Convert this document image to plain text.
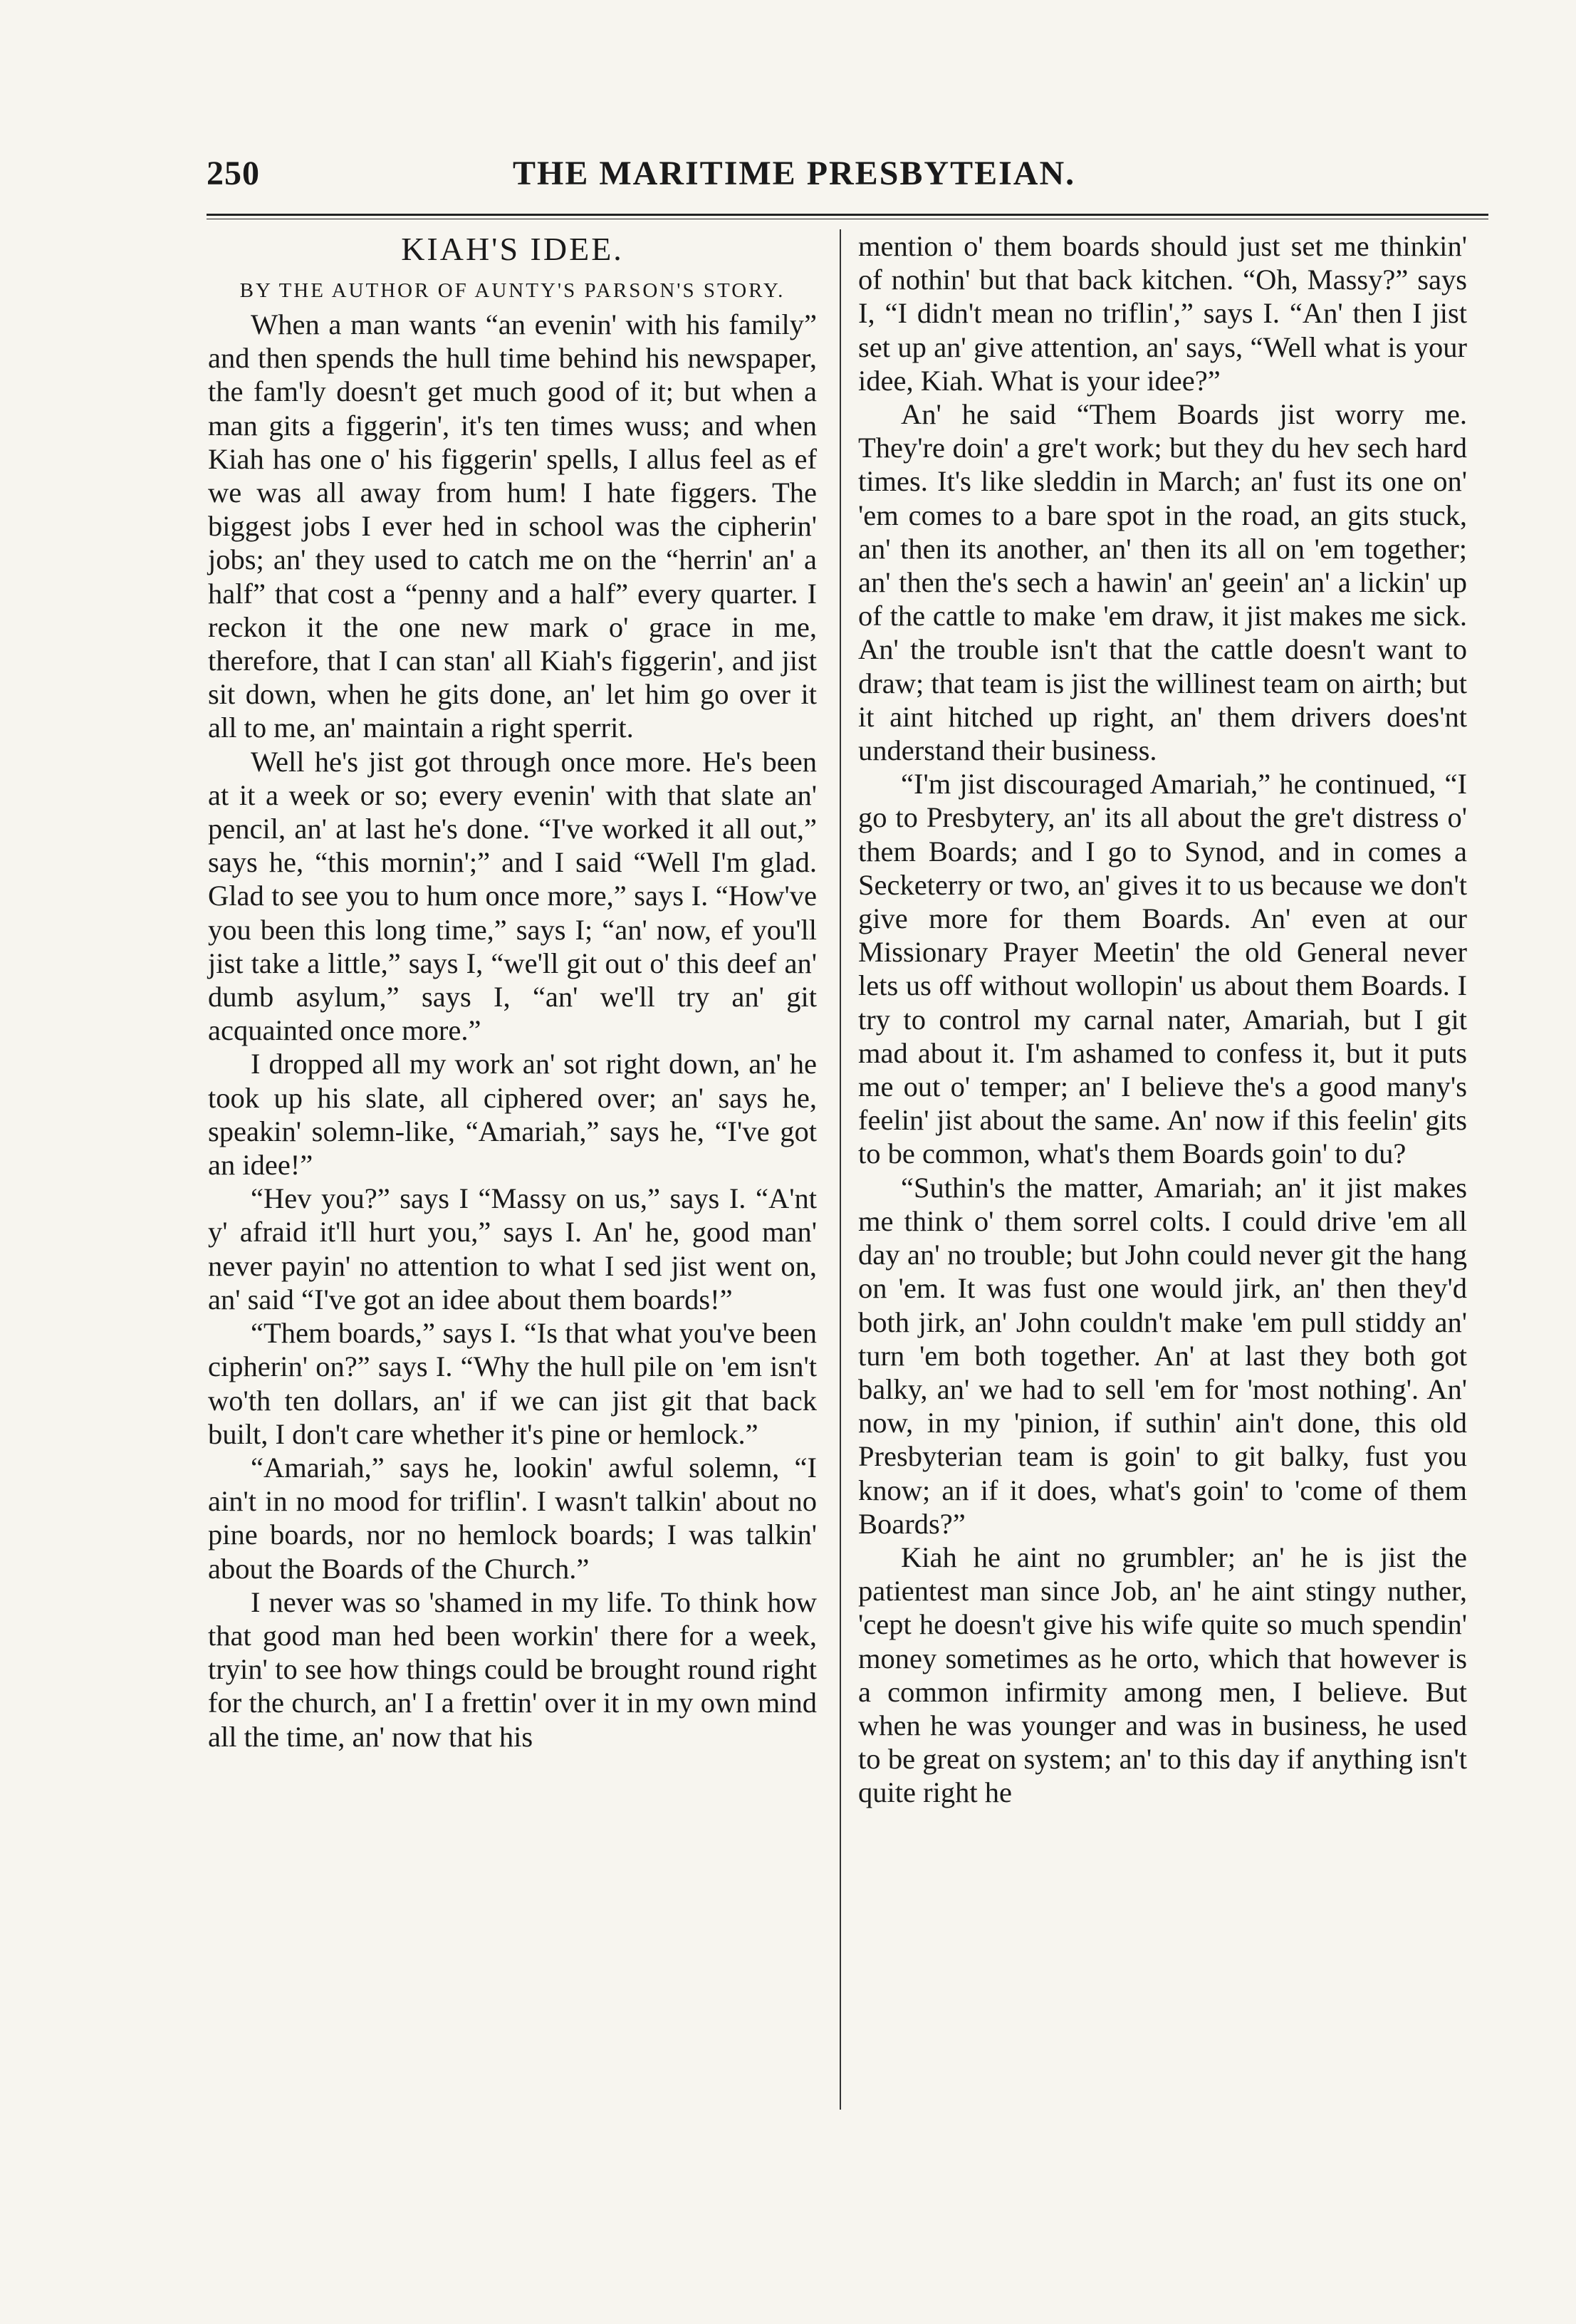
250	THE MARITIME PRESBYTEIAN.
KIAH'S IDEE.
BY THE AUTHOR OF AUNTY'S PARSON'S STORY.

When a man wants “an evenin' with his family” and then spends the hull time behind his newspaper, the fam'ly doesn't get much good of it; but when a man gits a figgerin', it's ten times wuss; and when Kiah has one o' his figgerin' spells, I allus feel as ef we was all away from hum! I hate figgers. The biggest jobs I ever hed in school was the cipherin' jobs; an' they used to catch me on the “herrin' an' a half” that cost a “penny and a half” every quarter. I reckon it the one new mark o' grace in me, therefore, that I can stan' all Kiah's figgerin', and jist sit down, when he gits done, an' let him go over it all to me, an' maintain a right sperrit.

Well he's jist got through once more. He's been at it a week or so; every evenin' with that slate an' pencil, an' at last he's done. “I've worked it all out,” says he, “this mornin';” and I said “Well I'm glad. Glad to see you to hum once more,” says I. “How've you been this long time,” says I; “an' now, ef you'll jist take a little,” says I, “we'll git out o' this deef an' dumb asylum,” says I, “an' we'll try an' git acquainted once more.”

I dropped all my work an' sot right down, an' he took up his slate, all ciphered over; an' says he, speakin' solemn-like, “Amariah,” says he, “I've got an idee!”

“Hev you?” says I “Massy on us,” says I. “A'nt y' afraid it'll hurt you,” says I. An' he, good man' never payin' no attention to what I sed jist went on, an' said “I've got an idee about them boards!”

“Them boards,” says I. “Is that what you've been cipherin' on?” says I. “Why the hull pile on 'em isn't wo'th ten dollars, an' if we can jist git that back built, I don't care whether it's pine or hemlock.”

“Amariah,” says he, lookin' awful solemn, “I ain't in no mood for triflin'. I wasn't talkin' about no pine boards, nor no hemlock boards; I was talkin' about the Boards of the Church.”

I never was so 'shamed in my life. To think how that good man hed been workin' there for a week, tryin' to see how things could be brought round right for the church, an' I a frettin' over it in my own mind all the time, an' now that his

mention o' them boards should just set me thinkin' of nothin' but that back kitchen. “Oh, Massy?” says I, “I didn't mean no triflin',” says I. “An' then I jist set up an' give attention, an' says, “Well what is your idee, Kiah. What is your idee?”

An' he said “Them Boards jist worry me. They're doin' a gre't work; but they du hev sech hard times. It's like sleddin in March; an' fust its one on' 'em comes to a bare spot in the road, an gits stuck, an' then its another, an' then its all on 'em together; an' then the's sech a hawin' an' geein' an' a lickin' up of the cattle to make 'em draw, it jist makes me sick. An' the trouble isn't that the cattle doesn't want to draw; that team is jist the willinest team on airth; but it aint hitched up right, an' them drivers does'nt understand their business.

“I'm jist discouraged Amariah,” he continued, “I go to Presbytery, an' its all about the gre't distress o' them Boards; and I go to Synod, and in comes a Secketerry or two, an' gives it to us because we don't give more for them Boards. An' even at our Missionary Prayer Meetin' the old General never lets us off without wollopin' us about them Boards. I try to control my carnal nater, Amariah, but I git mad about it. I'm ashamed to confess it, but it puts me out o' temper; an' I believe the's a good many's feelin' jist about the same. An' now if this feelin' gits to be common, what's them Boards goin' to du?

“Suthin's the matter, Amariah; an' it jist makes me think o' them sorrel colts. I could drive 'em all day an' no trouble; but John could never git the hang on 'em. It was fust one would jirk, an' then they'd both jirk, an' John couldn't make 'em pull stiddy an' turn 'em both together. An' at last they both got balky, an' we had to sell 'em for 'most nothing'. An' now, in my 'pinion, if suthin' ain't done, this old Presbyterian team is goin' to git balky, fust you know; an if it does, what's goin' to 'come of them Boards?”

Kiah he aint no grumbler; an' he is jist the patientest man since Job, an' he aint stingy nuther, 'cept he doesn't give his wife quite so much spendin' money sometimes as he orto, which that however is a common infirmity among men, I believe. But when he was younger and was in business, he used to be great on system; an' to this day if anything isn't quite right he
